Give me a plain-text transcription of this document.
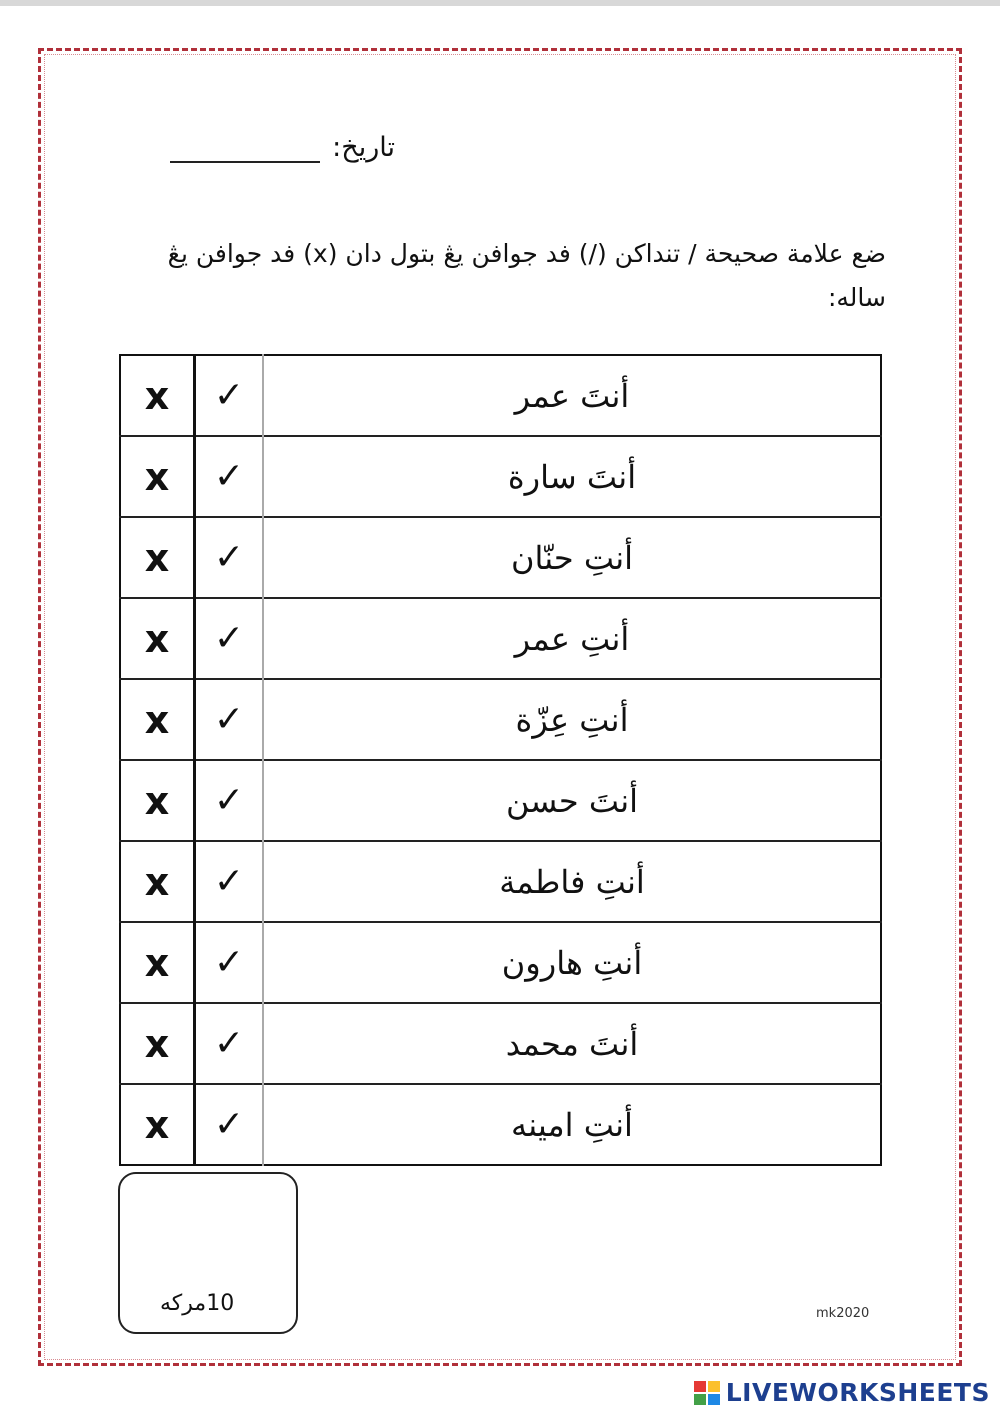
تاريخ:
ضع علامة صحيحة / تنداكن (/) فد جوافن يڠ بتول دان (x) فد جوافن يڠ ساله:
x	✓	أنتَ عمر
x	✓	أنتَ سارة
x	✓	أنتِ حنّان
x	✓	أنتِ عمر
x	✓	أنتِ عِزّة
x	✓	أنتَ حسن
x	✓	أنتِ فاطمة
x	✓	أنتِ هارون
x	✓	أنتَ محمد
x	✓	أنتِ امينه
10مركه	mk2020
LIVEWORKSHEETS
